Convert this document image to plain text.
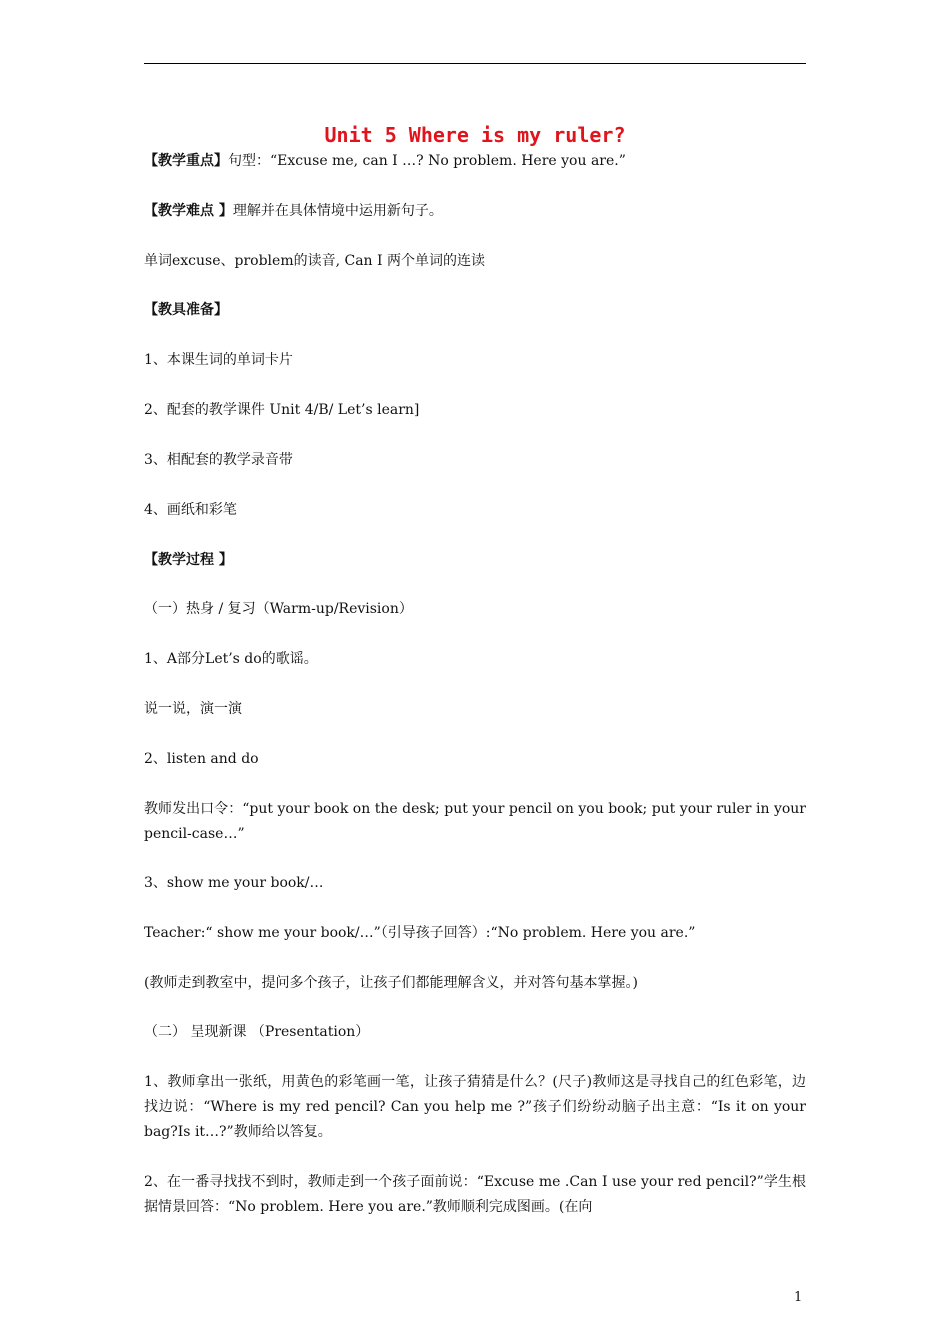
Unit 5 Where is my ruler?
【教学重点】句型：“Excuse me, can I …? No problem. Here you are.”
【教学难点 】理解并在具体情境中运用新句子。
单词excuse、problem的读音, Can I 两个单词的连读
【教具准备】
1、本课生词的单词卡片
2、配套的教学课件 Unit 4/B/ Let’s learn]
3、相配套的教学录音带
4、画纸和彩笔
【教学过程 】
（一）热身 / 复习（Warm-up/Revision）
1、A部分Let’s do的歌谣。
说一说，演一演
2、listen and do
教师发出口令：“put your book on the desk; put your pencil on you book; put your ruler in your pencil-case…”
3、show me your book/…
Teacher:“ show me your book/…”（引导孩子回答）:“No problem. Here you are.”
(教师走到教室中，提问多个孩子，让孩子们都能理解含义，并对答句基本掌握。)
（二） 呈现新课 （Presentation）
1、教师拿出一张纸，用黄色的彩笔画一笔，让孩子猜猜是什么？(尺子)教师这是寻找自己的红色彩笔，边找边说：“Where is my red pencil? Can you help me ?”孩子们纷纷动脑子出主意：“Is it on your bag?Is it…?”教师给以答复。
2、在一番寻找找不到时，教师走到一个孩子面前说：“Excuse me .Can I use your red pencil?”学生根据情景回答：“No problem. Here you are.”教师顺利完成图画。(在向
1
